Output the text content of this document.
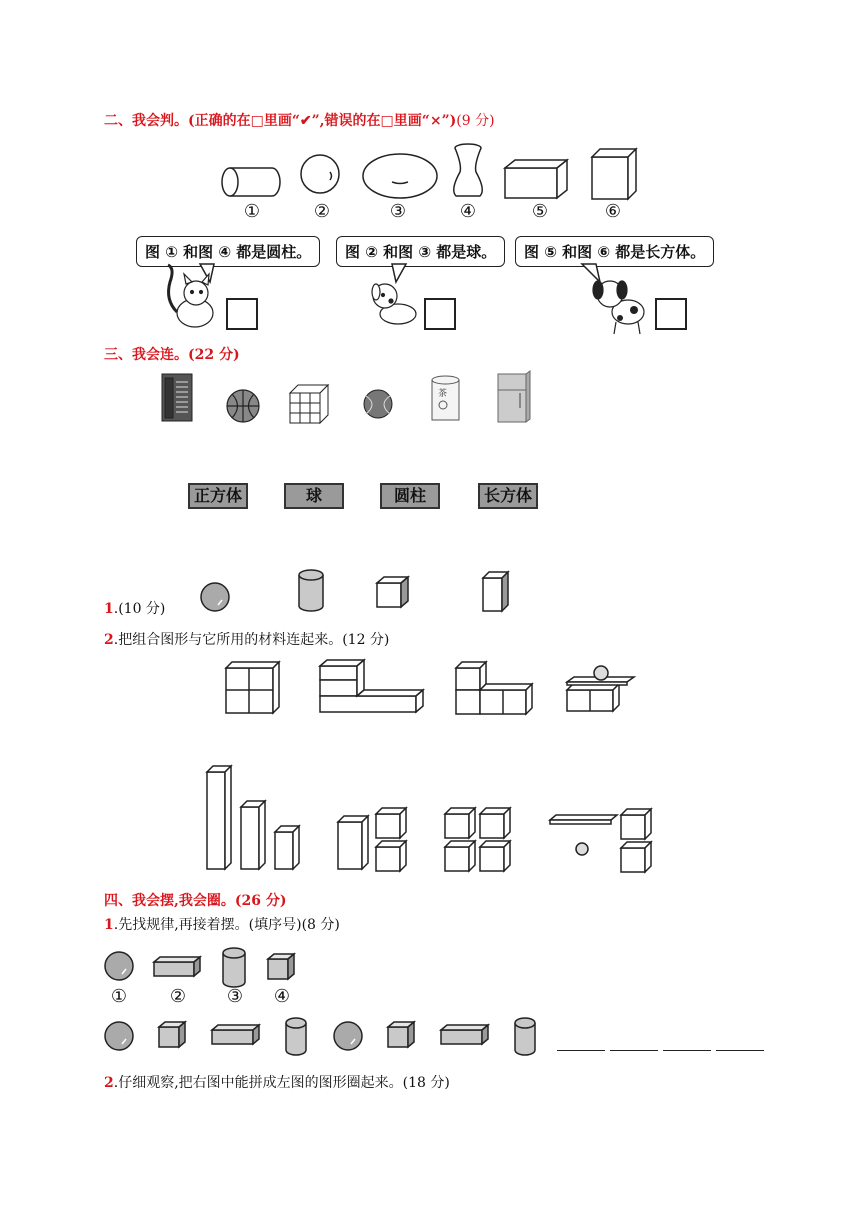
二、我会判。(正确的在□里画“✔”,错误的在□里画“×”)(9 分)
①	②	③	④	⑤	⑥
图 ① 和图 ④ 都是圆柱。	图 ② 和图 ③ 都是球。	图 ⑤ 和图 ⑥ 都是长方体。
三、我会连。(22 分)
茶
正方体	球	圆柱	长方体
1.(10 分)
2.把组合图形与它所用的材料连起来。(12 分)
四、我会摆,我会圈。(26 分)
1.先找规律,再接着摆。(填序号)(8 分)
①	②	③	④
2.仔细观察,把右图中能拼成左图的图形圈起来。(18 分)
